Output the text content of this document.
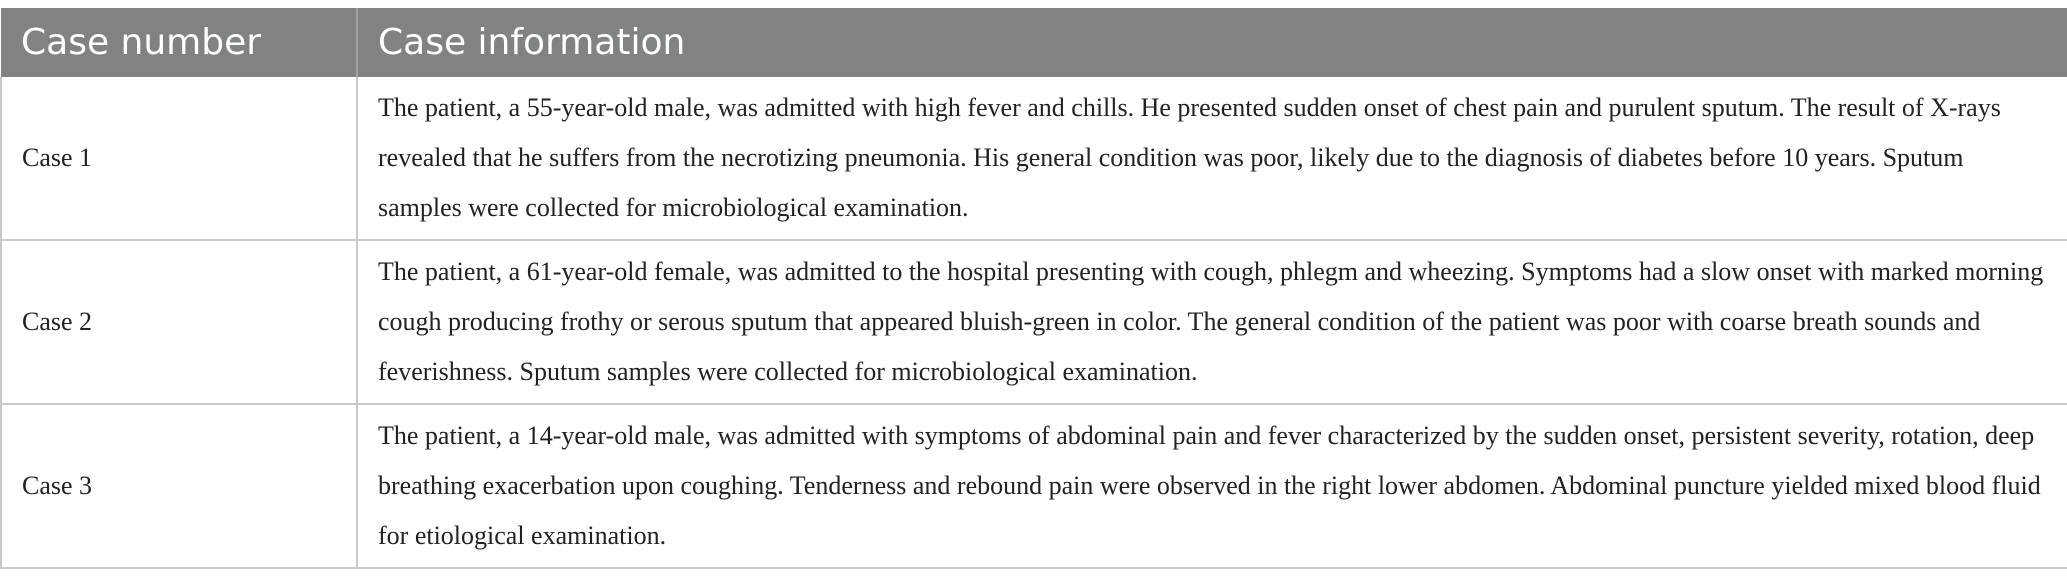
Case number	Case information
Case 1	The patient, a 55-year-old male, was admitted with high fever and chills. He presented sudden onset of chest pain and purulent sputum. The result of X-rays revealed that he suffers from the necrotizing pneumonia. His general condition was poor, likely due to the diagnosis of diabetes before 10 years. Sputum samples were collected for microbiological examination.
Case 2	The patient, a 61-year-old female, was admitted to the hospital presenting with cough, phlegm and wheezing. Symptoms had a slow onset with marked morning cough producing frothy or serous sputum that appeared bluish-green in color. The general condition of the patient was poor with coarse breath sounds and feverishness. Sputum samples were collected for microbiological examination.
Case 3	The patient, a 14-year-old male, was admitted with symptoms of abdominal pain and fever characterized by the sudden onset, persistent severity, rotation, deep breathing exacerbation upon coughing. Tenderness and rebound pain were observed in the right lower abdomen. Abdominal puncture yielded mixed blood fluid for etiological examination.
